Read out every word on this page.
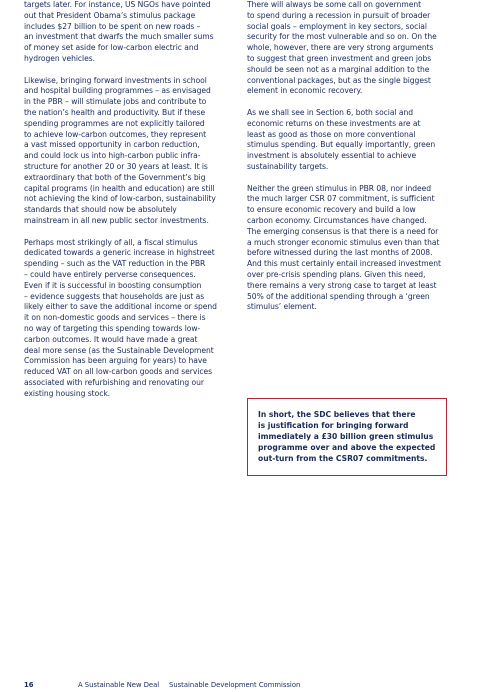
targets later. For instance, US NGOs have pointed
out that President Obama’s stimulus package
includes $27 billion to be spent on new roads –
an investment that dwarfs the much smaller sums
of money set aside for low-carbon electric and
hydrogen vehicles.

Likewise, bringing forward investments in school
and hospital building programmes – as envisaged
in the PBR – will stimulate jobs and contribute to
the nation’s health and productivity. But if these
spending programmes are not explicitly tailored
to achieve low-carbon outcomes, they represent
a vast missed opportunity in carbon reduction,
and could lock us into high-carbon public infra-
structure for another 20 or 30 years at least. It is
extraordinary that both of the Government’s big
capital programs (in health and education) are still
not achieving the kind of low-carbon, sustainability
standards that should now be absolutely
mainstream in all new public sector investments.

Perhaps most strikingly of all, a fiscal stimulus
dedicated towards a generic increase in highstreet
spending – such as the VAT reduction in the PBR
– could have entirely perverse consequences.
Even if it is successful in boosting consumption
– evidence suggests that households are just as
likely either to save the additional income or spend
it on non-domestic goods and services – there is
no way of targeting this spending towards low-
carbon outcomes. It would have made a great
deal more sense (as the Sustainable Development
Commission has been arguing for years) to have
reduced VAT on all low-carbon goods and services
associated with refurbishing and renovating our
existing housing stock.

There will always be some call on government
to spend during a recession in pursuit of broader
social goals – employment in key sectors, social
security for the most vulnerable and so on. On the
whole, however, there are very strong arguments
to suggest that green investment and green jobs
should be seen not as a marginal addition to the
conventional packages, but as the single biggest
element in economic recovery.

As we shall see in Section 6, both social and
economic returns on these investments are at
least as good as those on more conventional
stimulus spending. But equally importantly, green
investment is absolutely essential to achieve
sustainability targets.

Neither the green stimulus in PBR 08, nor indeed
the much larger CSR 07 commitment, is sufficient
to ensure economic recovery and build a low
carbon economy. Circumstances have changed.
The emerging consensus is that there is a need for
a much stronger economic stimulus even than that
before witnessed during the last months of 2008.
And this must certainly entail increased investment
over pre-crisis spending plans. Given this need,
there remains a very strong case to target at least
50% of the additional spending through a ‘green
stimulus’ element.

In short, the SDC believes that there
is justification for bringing forward
immediately a £30 billion green stimulus
programme over and above the expected
out-turn from the CSR07 commitments.
16	A Sustainable New Deal Sustainable Development Commission
